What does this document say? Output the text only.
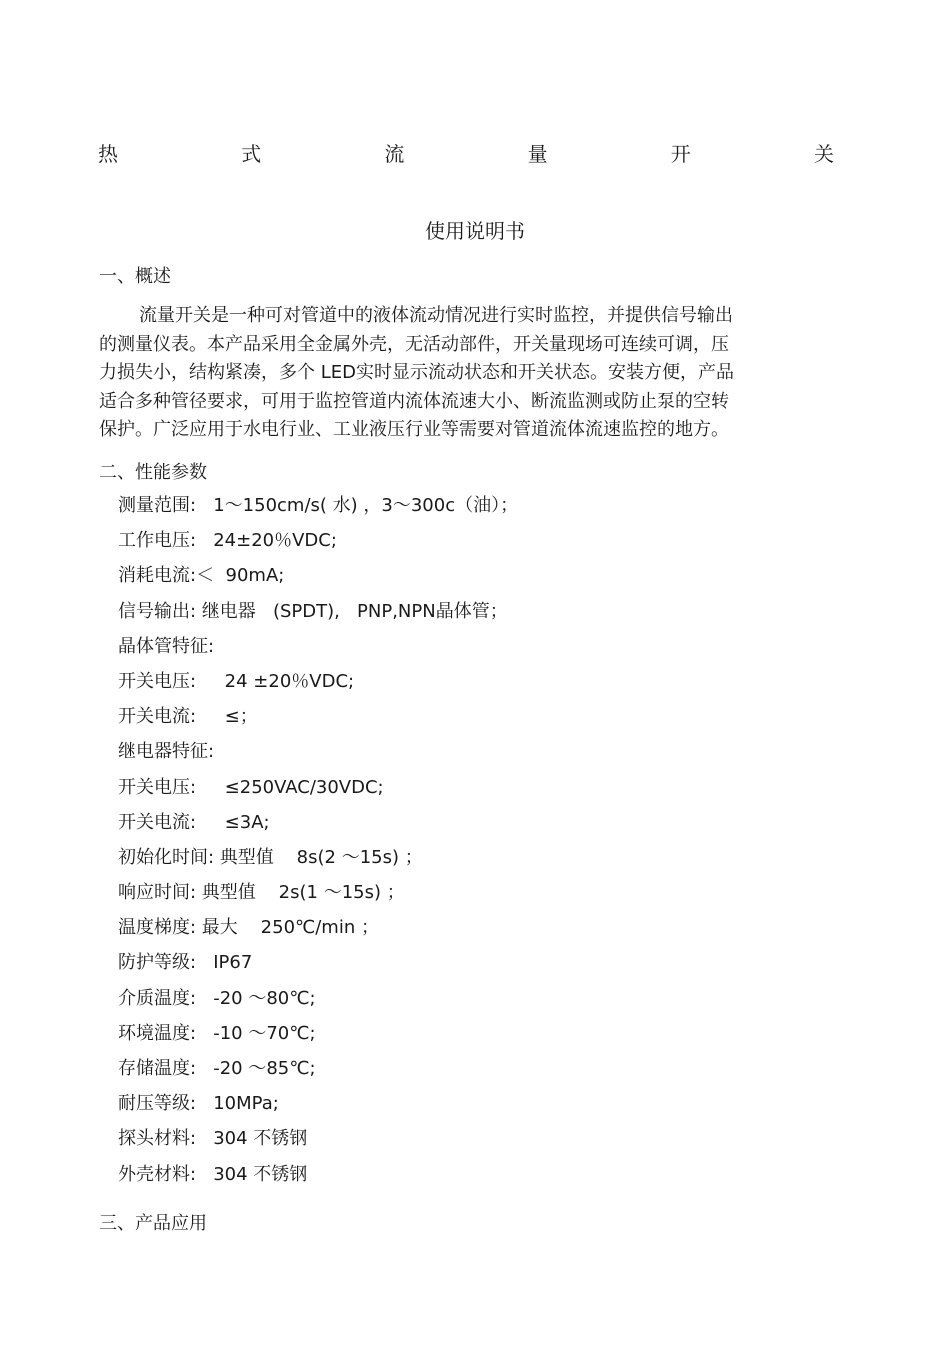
热	式	流	量	开	关
使用说明书
一、概述
流量开关是一种可对管道中的液体流动情况进行实时监控，并提供信号输出
的测量仪表。本产品采用全金属外壳，无活动部件，开关量现场可连续可调，压
力损失小，结构紧凑，多个 LED实时显示流动状态和开关状态。安装方便，产品
适合多种管径要求，可用于监控管道内流体流速大小、断流监测或防止泵的空转
保护。广泛应用于水电行业、工业液压行业等需要对管道流体流速监控的地方。
二、性能参数
测量范围:   1～150cm/s( 水) ，3～300c（油）；
工作电压:   24±20％VDC;
消耗电流:＜  90mA;
信号输出: 继电器   (SPDT),   PNP,NPN晶体管；
晶体管特征:
开关电压:     24 ±20％VDC;
开关电流:     ≤；
继电器特征:
开关电压:     ≤250VAC/30VDC;
开关电流:     ≤3A;
初始化时间: 典型值    8s(2 ～15s) ；
响应时间: 典型值    2s(1 ～15s) ；
温度梯度: 最大    250℃/min ；
防护等级:   IP67
介质温度:   -20 ～80℃;
环境温度:   -10 ～70℃;
存储温度:   -20 ～85℃;
耐压等级:   10MPa;
探头材料:   304 不锈钢
外壳材料:   304 不锈钢
三、产品应用
